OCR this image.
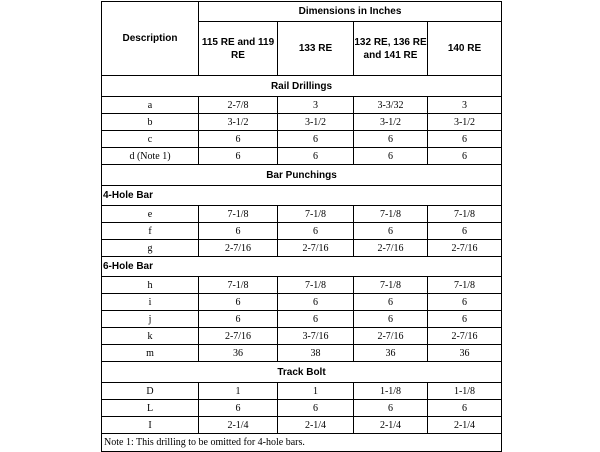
Description	Dimensions in Inches			
	115 RE and 119 RE	133 RE	132 RE, 136 RE and 141 RE	140 RE
Rail Drillings				
a	2-7/8	3	3-3/32	3
b	3-1/2	3-1/2	3-1/2	3-1/2
c	6	6	6	6
d (Note 1)	6	6	6	6
Bar Punchings				
4-Hole Bar				
e	7-1/8	7-1/8	7-1/8	7-1/8
f	6	6	6	6
g	2-7/16	2-7/16	2-7/16	2-7/16
6-Hole Bar				
h	7-1/8	7-1/8	7-1/8	7-1/8
i	6	6	6	6
j	6	6	6	6
k	2-7/16	3-7/16	2-7/16	2-7/16
m	36	38	36	36
Track Bolt				
D	1	1	1-1/8	1-1/8
L	6	6	6	6
I	2-1/4	2-1/4	2-1/4	2-1/4
Note 1: This drilling to be omitted for 4-hole bars.				
